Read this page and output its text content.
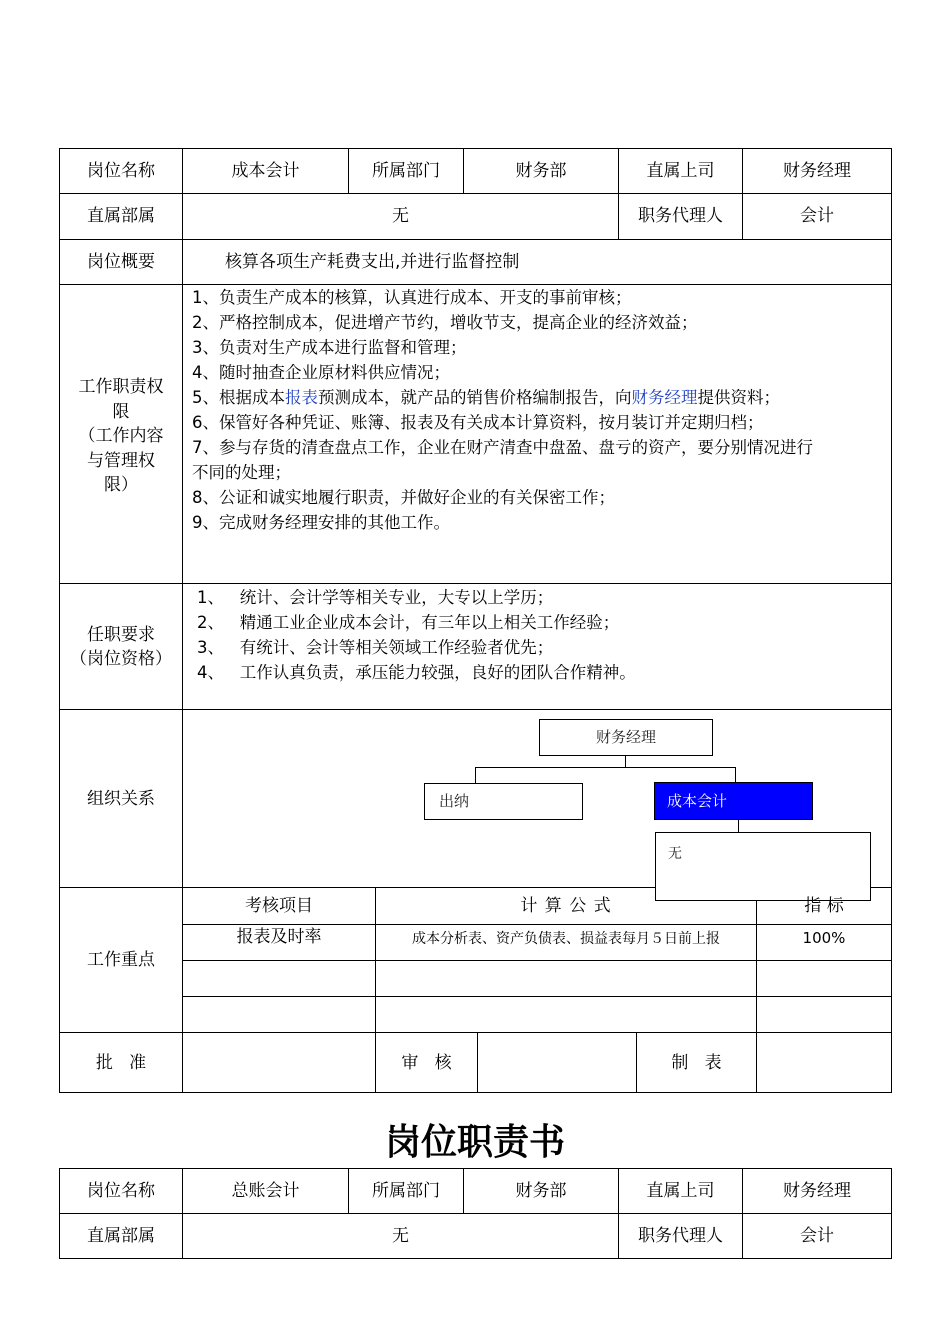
岗位名称	成本会计	所属部门	财务部	直属上司	财务经理
直属部属	无	职务代理人	会计
岗位概要	核算各项生产耗费支出,并进行监督控制
工作职责权
限
（工作内容
与管理权
限）
1、负责生产成本的核算，认真进行成本、开支的事前审核；
2、严格控制成本，促进增产节约，增收节支，提高企业的经济效益；
3、负责对生产成本进行监督和管理；
4、随时抽查企业原材料供应情况；
5、根据成本报表预测成本，就产品的销售价格编制报告，向财务经理提供资料；
6、保管好各种凭证、账簿、报表及有关成本计算资料，按月装订并定期归档；
7、参与存货的清查盘点工作，企业在财产清查中盘盈、盘亏的资产，要分别情况进行
不同的处理；
8、公证和诚实地履行职责，并做好企业的有关保密工作；
9、完成财务经理安排的其他工作。
任职要求
（岗位资格）
1、   统计、会计学等相关专业，大专以上学历；
2、   精通工业企业成本会计，有三年以上相关工作经验；
3、   有统计、会计等相关领域工作经验者优先；
4、   工作认真负责，承压能力较强，良好的团队合作精神。
组织关系
财务经理
出纳	成本会计
无
工作重点
考核项目	计 算 公 式	指 标
报表及时率	成本分析表、资产负债表、损益表每月５日前上报	100%
批   准	审   核	制   表
岗位职责书
岗位名称	总账会计	所属部门	财务部	直属上司	财务经理
直属部属	无	职务代理人	会计
